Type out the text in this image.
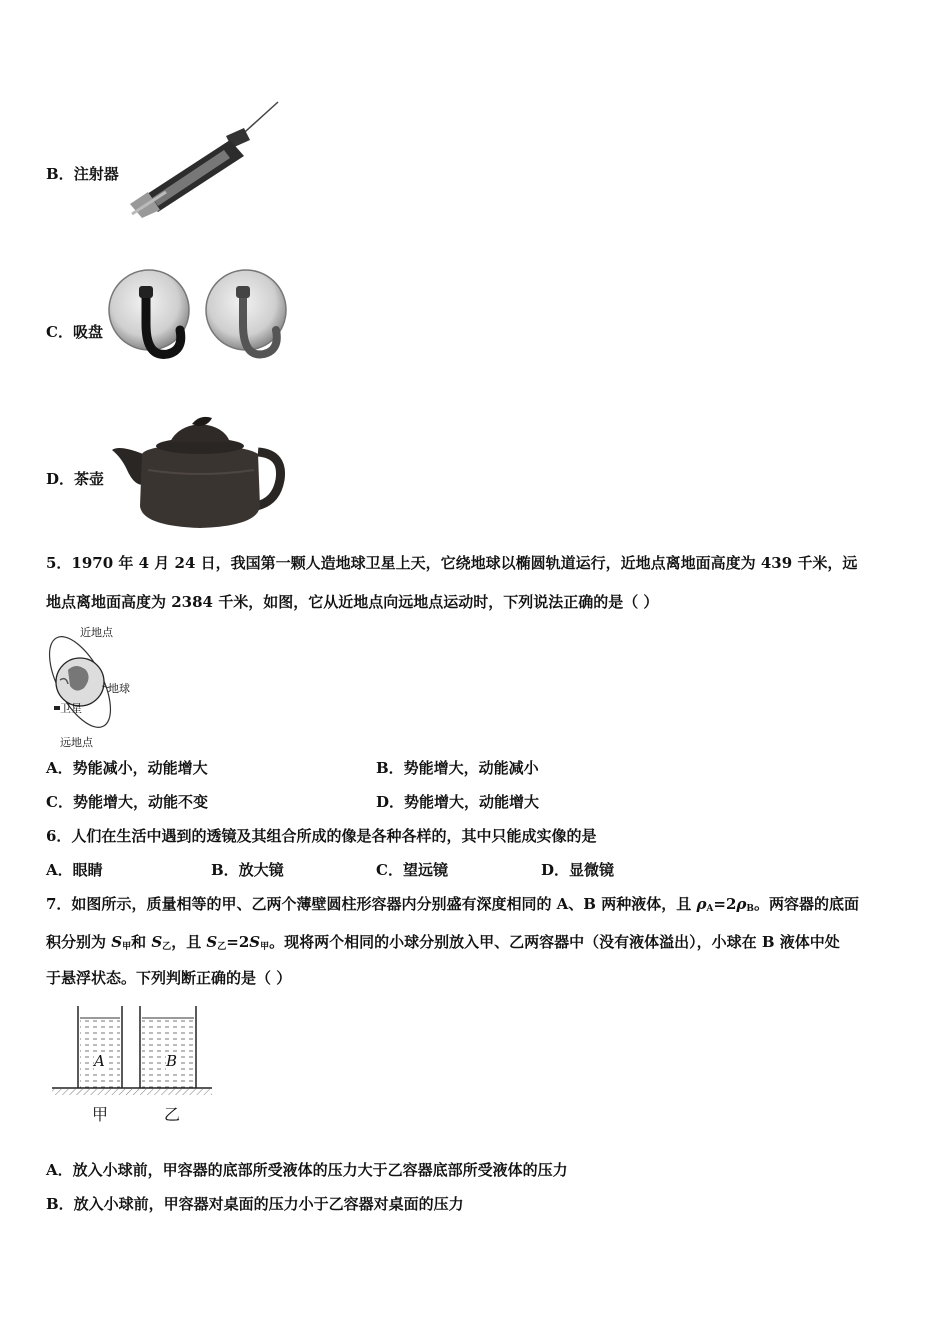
B．注射器
C．吸盘
D．茶壶
5．1970 年 4 月 24 日，我国第一颗人造地球卫星上天，它绕地球以椭圆轨道运行，近地点离地面高度为 439 千米，远
地点离地面高度为 2384 千米，如图，它从近地点向远地点运动时，下列说法正确的是（ ）
近地点
地球
卫星
远地点
A．势能减小，动能增大	B．势能增大，动能减小
C．势能增大，动能不变	D．势能增大，动能增大
6．人们在生活中遇到的透镜及其组合所成的像是各种各样的，其中只能成实像的是
A．眼睛	B．放大镜	C．望远镜	D．显微镜
7．如图所示，质量相等的甲、乙两个薄壁圆柱形容器内分别盛有深度相同的 A、B 两种液体，且 $\rho_A=2\rho_B$。两容器的底面
积分别为 $S_甲$和 $S_乙$，且 $S_乙=2S_甲$。现将两个相同的小球分别放入甲、乙两容器中（没有液体溢出），小球在 B 液体中处
于悬浮状态。下列判断正确的是（ ）
A	B
甲	乙
A．放入小球前，甲容器的底部所受液体的压力大于乙容器底部所受液体的压力
B．放入小球前，甲容器对桌面的压力小于乙容器对桌面的压力
